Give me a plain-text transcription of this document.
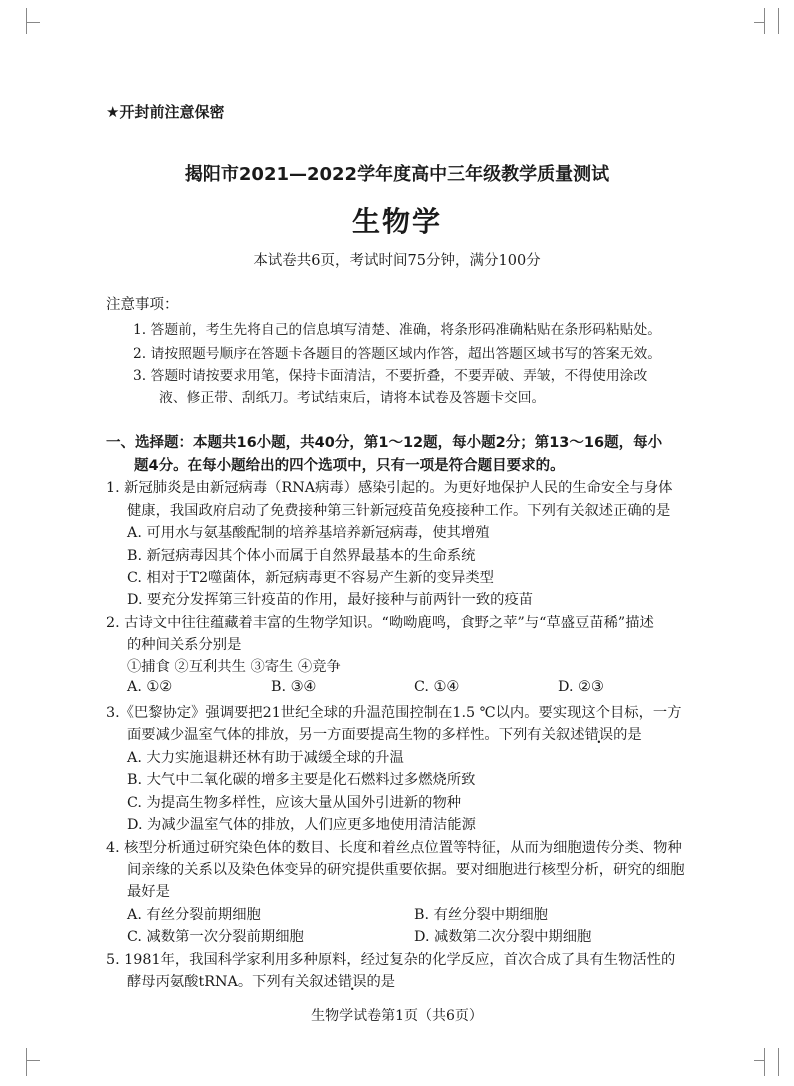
★开封前注意保密
揭阳市2021—2022学年度高中三年级教学质量测试
生物学
本试卷共6页，考试时间75分钟，满分100分
注意事项：
1. 答题前，考生先将自己的信息填写清楚、准确，将条形码准确粘贴在条形码粘贴处。
2. 请按照题号顺序在答题卡各题目的答题区域内作答，超出答题区域书写的答案无效。
3. 答题时请按要求用笔，保持卡面清洁，不要折叠，不要弄破、弄皱，不得使用涂改
液、修正带、刮纸刀。考试结束后，请将本试卷及答题卡交回。
一、选择题：本题共16小题，共40分，第1～12题，每小题2分；第13～16题，每小
题4分。在每小题给出的四个选项中，只有一项是符合题目要求的。
1. 新冠肺炎是由新冠病毒（RNA病毒）感染引起的。为更好地保护人民的生命安全与身体
健康，我国政府启动了免费接种第三针新冠疫苗免疫接种工作。下列有关叙述正确的是
A. 可用水与氨基酸配制的培养基培养新冠病毒，使其增殖
B. 新冠病毒因其个体小而属于自然界最基本的生命系统
C. 相对于T2噬菌体，新冠病毒更不容易产生新的变异类型
D. 要充分发挥第三针疫苗的作用，最好接种与前两针一致的疫苗
2. 古诗文中往往蕴藏着丰富的生物学知识。“呦呦鹿鸣，食野之苹”与“草盛豆苗稀”描述
的种间关系分别是
①捕食 ②互利共生 ③寄生 ④竞争
A. ①②	B. ③④	C. ①④	D. ②③
3.《巴黎协定》强调要把21世纪全球的升温范围控制在1.5 ℃以内。要实现这个目标，一方
面要减少温室气体的排放，另一方面要提高生物的多样性。下列有关叙述错误的是
A. 大力实施退耕还林有助于减缓全球的升温
B. 大气中二氧化碳的增多主要是化石燃料过多燃烧所致
C. 为提高生物多样性，应该大量从国外引进新的物种
D. 为减少温室气体的排放，人们应更多地使用清洁能源
4. 核型分析通过研究染色体的数目、长度和着丝点位置等特征，从而为细胞遗传分类、物种
间亲缘的关系以及染色体变异的研究提供重要依据。要对细胞进行核型分析，研究的细胞
最好是
A. 有丝分裂前期细胞	B. 有丝分裂中期细胞
C. 减数第一次分裂前期细胞	D. 减数第二次分裂中期细胞
5. 1981年，我国科学家利用多种原料，经过复杂的化学反应，首次合成了具有生物活性的
酵母丙氨酸tRNA。下列有关叙述错误的是
生物学试卷第1页（共6页）
